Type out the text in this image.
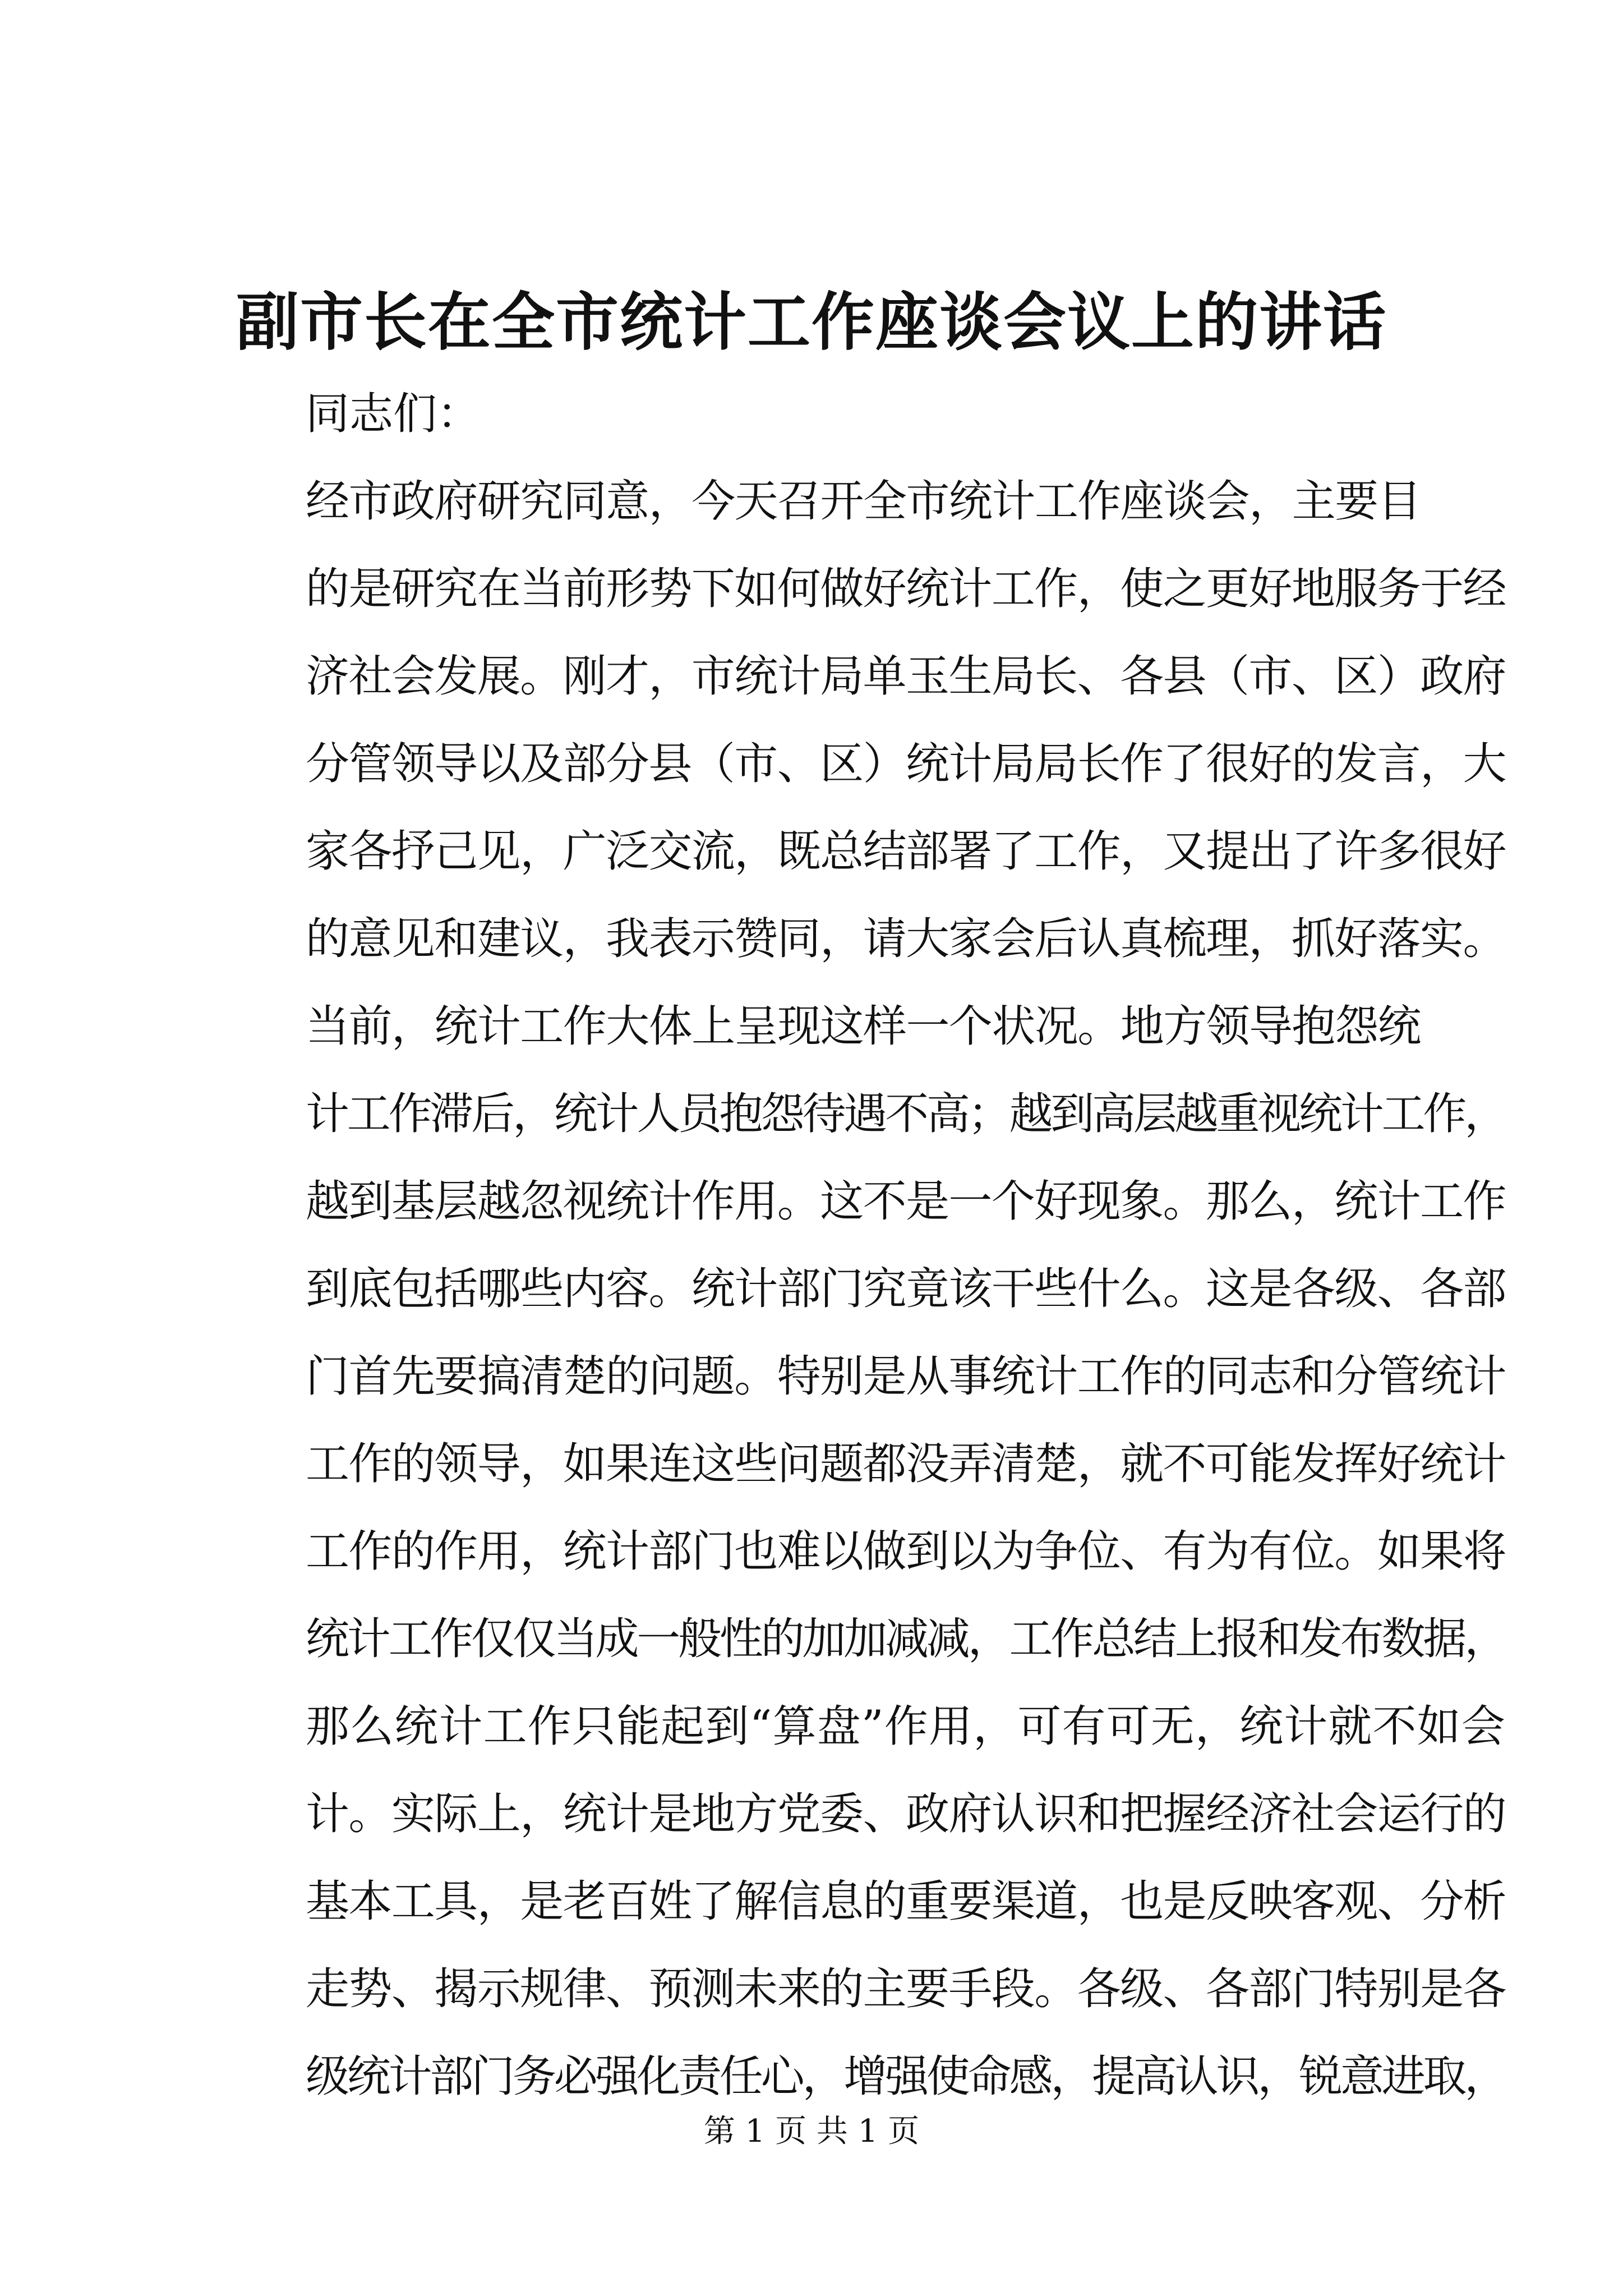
副市长在全市统计工作座谈会议上的讲话
同志们：

经市政府研究同意，今天召开全市统计工作座谈会，主要目
的是研究在当前形势下如何做好统计工作，使之更好地服务于经
济社会发展。刚才，市统计局单玉生局长、各县（市、区）政府
分管领导以及部分县（市、区）统计局局长作了很好的发言，大
家各抒己见，广泛交流，既总结部署了工作，又提出了许多很好
的意见和建议，我表示赞同，请大家会后认真梳理，抓好落实。

当前，统计工作大体上呈现这样一个状况。地方领导抱怨统
计工作滞后，统计人员抱怨待遇不高；越到高层越重视统计工作，
越到基层越忽视统计作用。这不是一个好现象。那么，统计工作
到底包括哪些内容。统计部门究竟该干些什么。这是各级、各部
门首先要搞清楚的问题。特别是从事统计工作的同志和分管统计
工作的领导，如果连这些问题都没弄清楚，就不可能发挥好统计
工作的作用，统计部门也难以做到以为争位、有为有位。如果将
统计工作仅仅当成一般性的加加减减，工作总结上报和发布数据，
那么统计工作只能起到“算盘”作用，可有可无，统计就不如会
计。实际上，统计是地方党委、政府认识和把握经济社会运行的
基本工具，是老百姓了解信息的重要渠道，也是反映客观、分析
走势、揭示规律、预测未来的主要手段。各级、各部门特别是各
级统计部门务必强化责任心，增强使命感，提高认识，锐意进取，

第 1 页 共 1 页
